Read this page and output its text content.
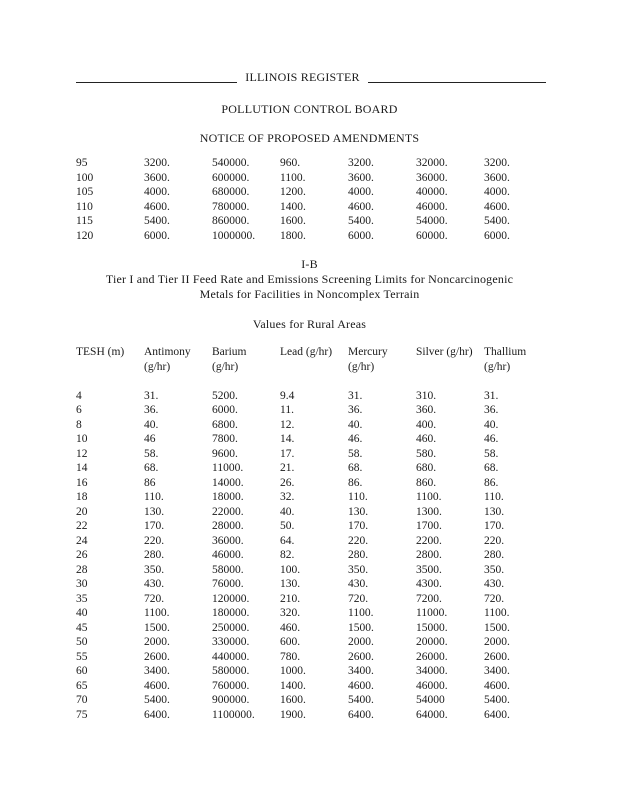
ILLINOIS REGISTER
POLLUTION CONTROL BOARD
NOTICE OF PROPOSED AMENDMENTS
95	3200.	540000.	960.	3200.	32000.	3200.
100	3600.	600000.	1100.	3600.	36000.	3600.
105	4000.	680000.	1200.	4000.	40000.	4000.
110	4600.	780000.	1400.	4600.	46000.	4600.
115	5400.	860000.	1600.	5400.	54000.	5400.
120	6000.	1000000.	1800.	6000.	60000.	6000.
I-B
Tier I and Tier II Feed Rate and Emissions Screening Limits for Noncarcinogenic
Metals for Facilities in Noncomplex Terrain
Values for Rural Areas
TESH (m)	Antimony	Barium	Lead (g/hr)	Mercury	Silver (g/hr)	Thallium
	(g/hr)	(g/hr)		(g/hr)		(g/hr)

4	31.	5200.	9.4	31.	310.	31.
6	36.	6000.	11.	36.	360.	36.
8	40.	6800.	12.	40.	400.	40.
10	46	7800.	14.	46.	460.	46.
12	58.	9600.	17.	58.	580.	58.
14	68.	11000.	21.	68.	680.	68.
16	86	14000.	26.	86.	860.	86.
18	110.	18000.	32.	110.	1100.	110.
20	130.	22000.	40.	130.	1300.	130.
22	170.	28000.	50.	170.	1700.	170.
24	220.	36000.	64.	220.	2200.	220.
26	280.	46000.	82.	280.	2800.	280.
28	350.	58000.	100.	350.	3500.	350.
30	430.	76000.	130.	430.	4300.	430.
35	720.	120000.	210.	720.	7200.	720.
40	1100.	180000.	320.	1100.	11000.	1100.
45	1500.	250000.	460.	1500.	15000.	1500.
50	2000.	330000.	600.	2000.	20000.	2000.
55	2600.	440000.	780.	2600.	26000.	2600.
60	3400.	580000.	1000.	3400.	34000.	3400.
65	4600.	760000.	1400.	4600.	46000.	4600.
70	5400.	900000.	1600.	5400.	54000	5400.
75	6400.	1100000.	1900.	6400.	64000.	6400.
